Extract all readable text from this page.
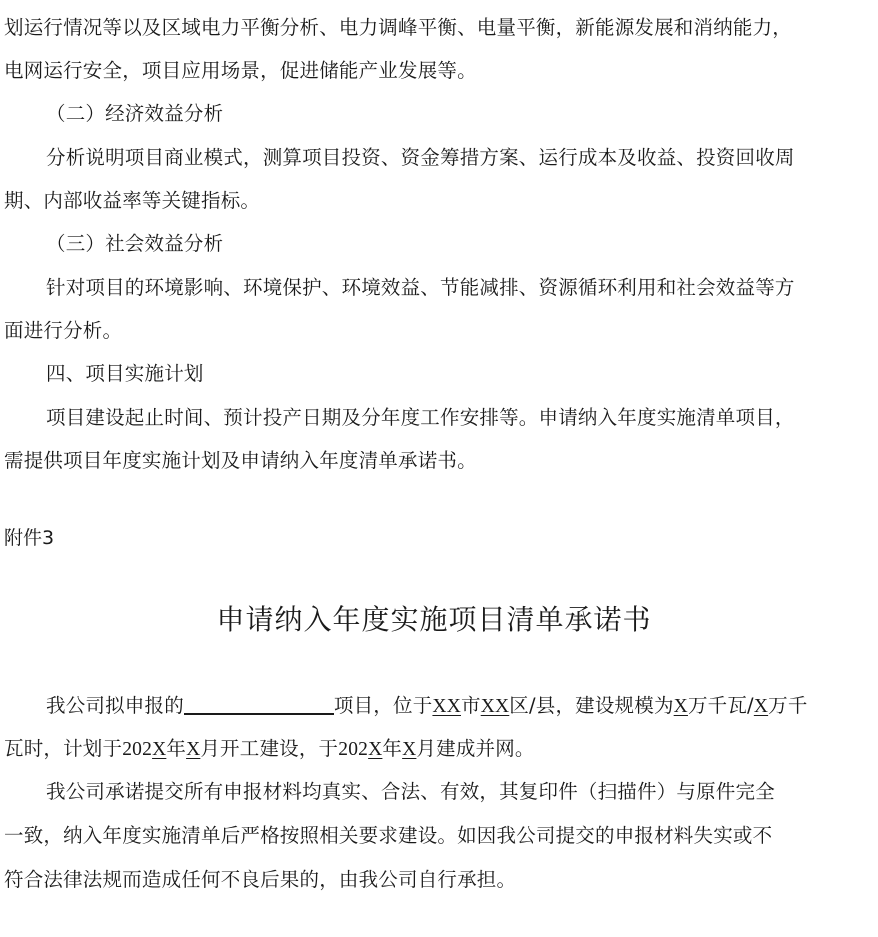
划运行情况等以及区域电力平衡分析、电力调峰平衡、电量平衡，新能源发展和消纳能力，
电网运行安全，项目应用场景，促进储能产业发展等。
（二）经济效益分析
分析说明项目商业模式，测算项目投资、资金筹措方案、运行成本及收益、投资回收周
期、内部收益率等关键指标。
（三）社会效益分析
针对项目的环境影响、环境保护、环境效益、节能减排、资源循环利用和社会效益等方
面进行分析。
四、项目实施计划
项目建设起止时间、预计投产日期及分年度工作安排等。申请纳入年度实施清单项目，
需提供项目年度实施计划及申请纳入年度清单承诺书。
附件3
申请纳入年度实施项目清单承诺书
我公司拟申报的	项目，位于XX市XX区/县，建设规模为X万千瓦/X万千
瓦时，计划于202X年X月开工建设，于202X年X月建成并网。
我公司承诺提交所有申报材料均真实、合法、有效，其复印件（扫描件）与原件完全
一致，纳入年度实施清单后严格按照相关要求建设。如因我公司提交的申报材料失实或不
符合法律法规而造成任何不良后果的，由我公司自行承担。
